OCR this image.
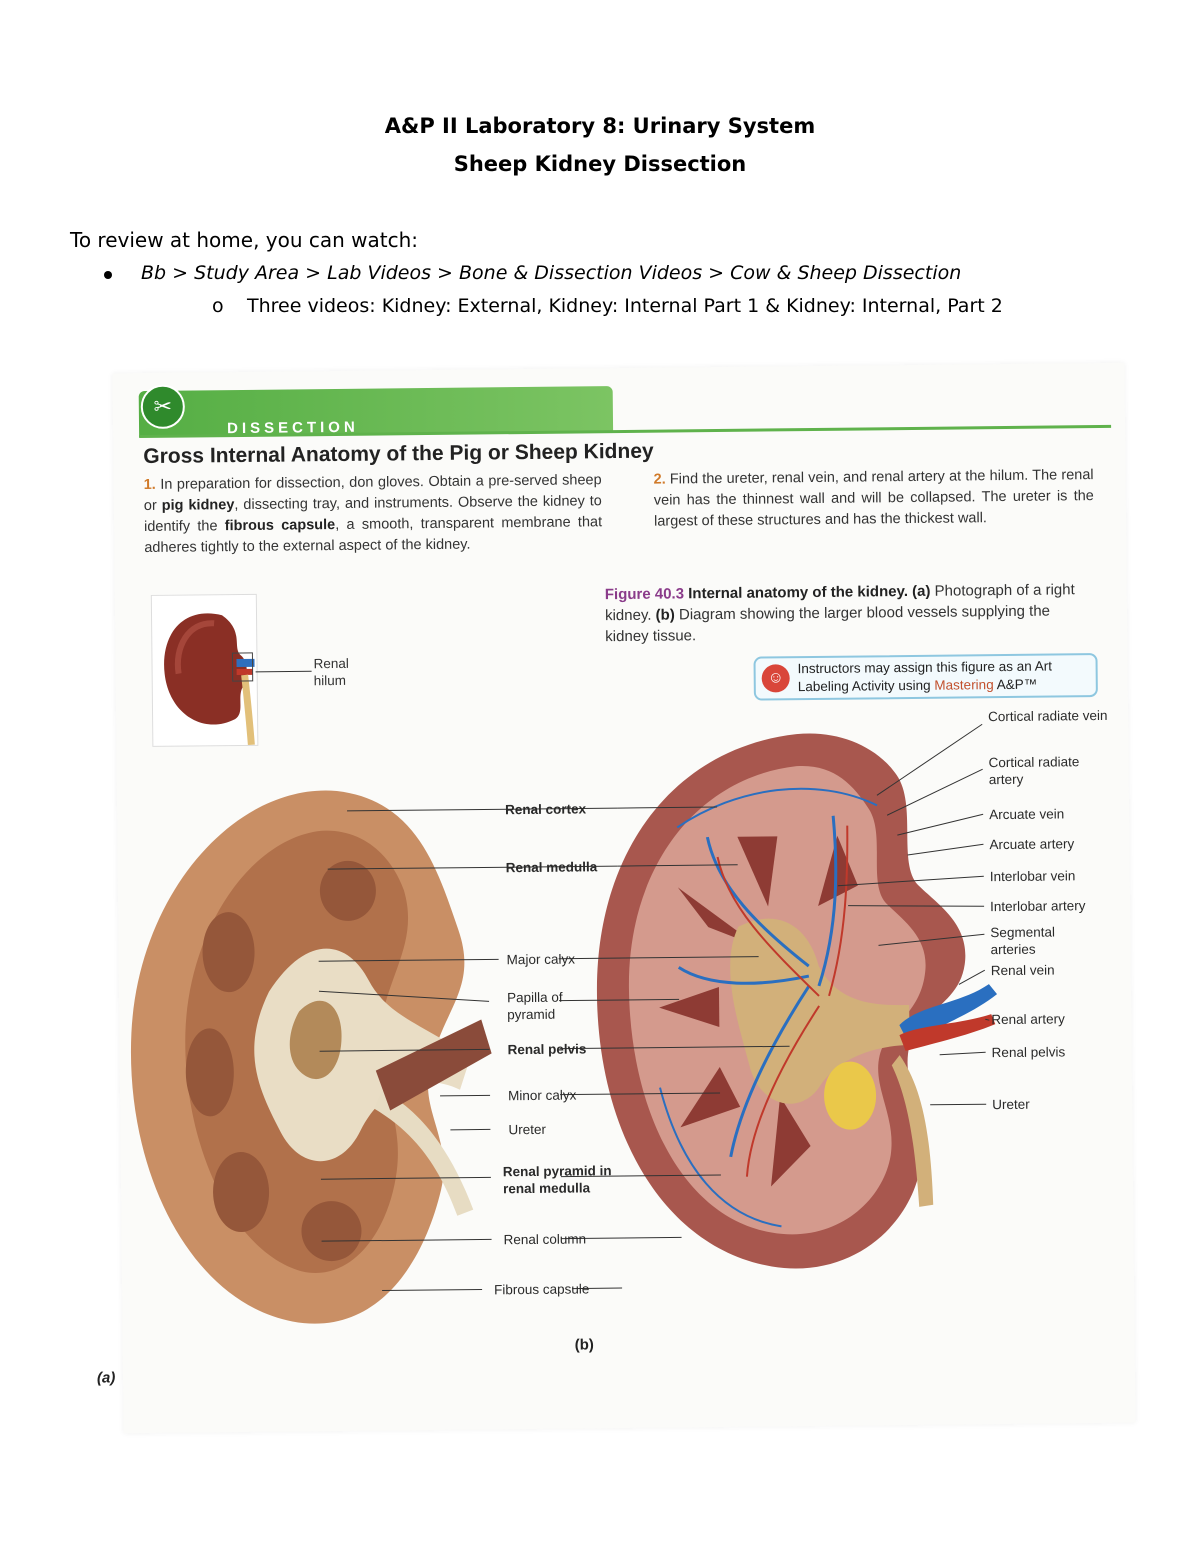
A&P II Laboratory 8: Urinary System
Sheep Kidney Dissection
To review at home, you can watch:
Bb > Study Area > Lab Videos > Bone & Dissection Videos > Cow & Sheep Dissection
o Three videos: Kidney: External, Kidney: Internal Part 1 & Kidney: Internal, Part 2
DISSECTION
✂
Gross Internal Anatomy of the Pig or Sheep Kidney
1. In preparation for dissection, don gloves. Obtain a pre-served sheep or pig kidney, dissecting tray, and instruments. Observe the kidney to identify the fibrous capsule, a smooth, transparent membrane that adheres tightly to the external aspect of the kidney.
2. Find the ureter, renal vein, and renal artery at the hilum. The renal vein has the thinnest wall and will be collapsed. The ureter is the largest of these structures and has the thickest wall.
Figure 40.3 Internal anatomy of the kidney. (a) Photograph of a right kidney. (b) Diagram showing the larger blood vessels supplying the kidney tissue.
☺
Instructors may assign this figure as an Art
Labeling Activity using Mastering A&P™
Renal hilum
Renal cortex
Renal medulla
Major calyx
Papilla of pyramid
Renal pelvis
Minor calyx
Ureter
Renal pyramid in renal medulla
Renal column
Fibrous capsule
Cortical radiate vein
Cortical radiate artery
Arcuate vein
Arcuate artery
Interlobar vein
Interlobar artery
Segmental arteries
Renal vein
Renal artery
Renal pelvis
Ureter
(b)
(a)
